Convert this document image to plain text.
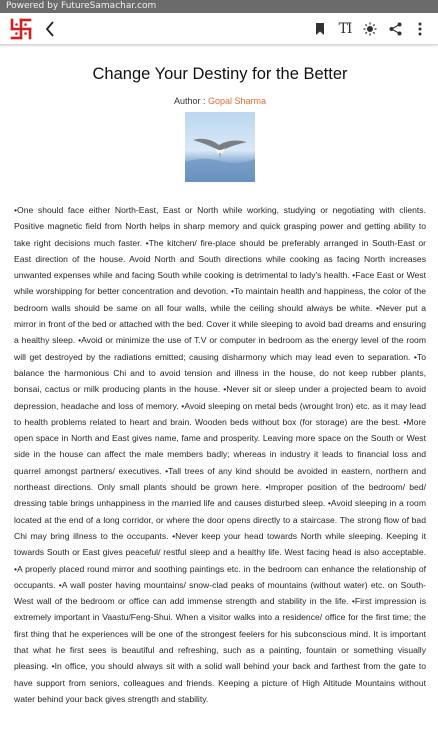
Powered by FutureSamachar.com
TI
Change Your Destiny for the Better
Author : Gopal Sharma

•One should face either North-East, East or North while working, studying or negotiating with clients. Positive magnetic field from North helps in sharp memory and quick grasping power and getting ability to take right decisions much faster. •The kitchen/ fire-place should be preferably arranged in South-East or East direction of the house. Avoid North and South directions while cooking as facing North increases unwanted expenses while and facing South while cooking is detrimental to lady's health. •Face East or West while worshipping for better concentration and devotion. •To maintain health and happiness, the color of the bedroom walls should be same on all four walls, while the ceiling should always be white. •Never put a mirror in front of the bed or attached with the bed. Cover it while sleeping to avoid bad dreams and ensuring a healthy sleep. •Avoid or minimize the use of T.V or computer in bedroom as the energy level of the room will get destroyed by the radiations emitted; causing disharmony which may lead even to separation. •To balance the harmonious Chi and to avoid tension and illness in the house, do not keep rubber plants, bonsai, cactus or milk producing plants in the house. •Never sit or sleep under a projected beam to avoid depression, headache and loss of memory. •Avoid sleeping on metal beds (wrought Iron) etc. as it may lead to health problems related to heart and brain. Wooden beds without box (for storage) are the best. •More open space in North and East gives name, fame and prosperity. Leaving more space on the South or West side in the house can affect the male members badly; whereas in industry it leads to financial loss and quarrel amongst partners/ executives. •Tall trees of any kind should be avoided in eastern, northern and northeast directions. Only small plants should be grown here. •Improper position of the bedroom/ bed/ dressing table brings unhappiness in the married life and causes disturbed sleep. •Avoid sleeping in a room located at the end of a long corridor, or where the door opens directly to a staircase. The strong flow of bad Chi may bring illness to the occupants. •Never keep your head towards North while sleeping. Keeping it towards South or East gives peaceful/ restful sleep and a healthy life. West facing head is also acceptable. •A properly placed round mirror and soothing paintings etc. in the bedroom can enhance the relationship of occupants. •A wall poster having mountains/ snow-clad peaks of mountains (without water) etc. on South-West wall of the bedroom or office can add immense strength and stability in the life. •First impression is extremely important in Vaastu/Feng-Shui. When a visitor walks into a residence/ office for the first time; the first thing that he experiences will be one of the strongest feelers for his subconscious mind. It is important that what he first sees is beautiful and refreshing, such as a painting, fountain or something visually pleasing. •In office, you should always sit with a solid wall behind your back and farthest from the gate to have support from seniors, colleagues and friends. Keeping a picture of High Altitude Mountains without water behind your back gives strength and stability.
